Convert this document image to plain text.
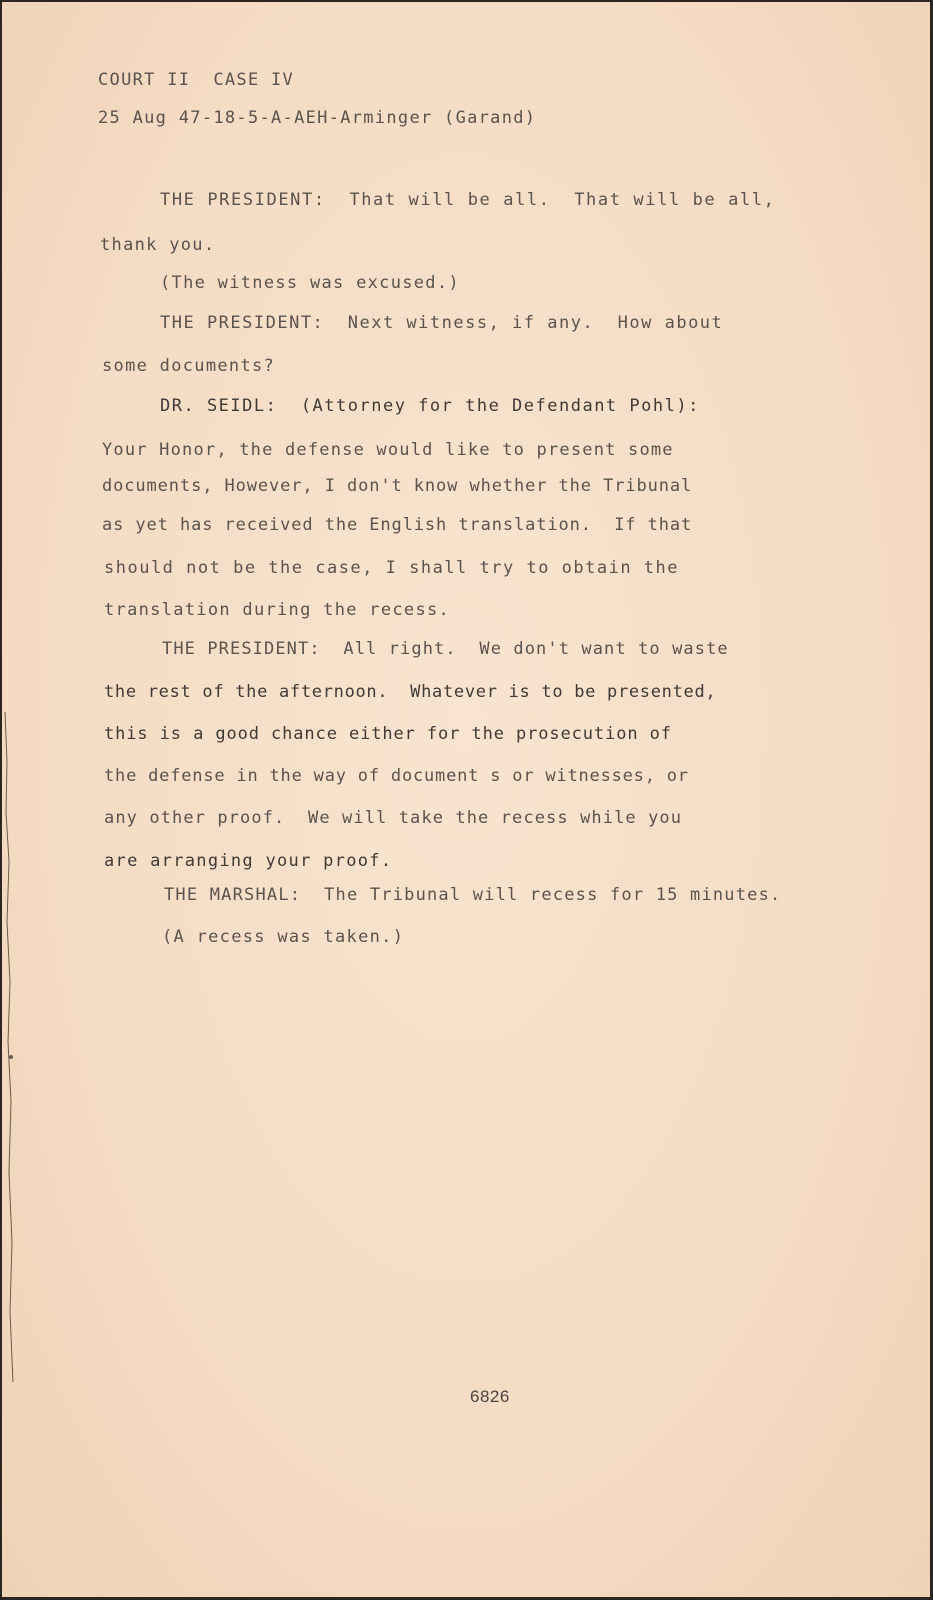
COURT II  CASE IV
25 Aug 47-18-5-A-AEH-Arminger (Garand)
THE PRESIDENT:  That will be all.  That will be all,
thank you.
(The witness was excused.)
THE PRESIDENT:  Next witness, if any.  How about
some documents?
DR. SEIDL:  (Attorney for the Defendant Pohl):
Your Honor, the defense would like to present some
documents, However, I don't know whether the Tribunal
as yet has received the English translation.  If that
should not be the case, I shall try to obtain the
translation during the recess.
THE PRESIDENT:  All right.  We don't want to waste
the rest of the afternoon.  Whatever is to be presented,
this is a good chance either for the prosecution of
the defense in the way of document s or witnesses, or
any other proof.  We will take the recess while you
are arranging your proof.
THE MARSHAL:  The Tribunal will recess for 15 minutes.
(A recess was taken.)
6826
